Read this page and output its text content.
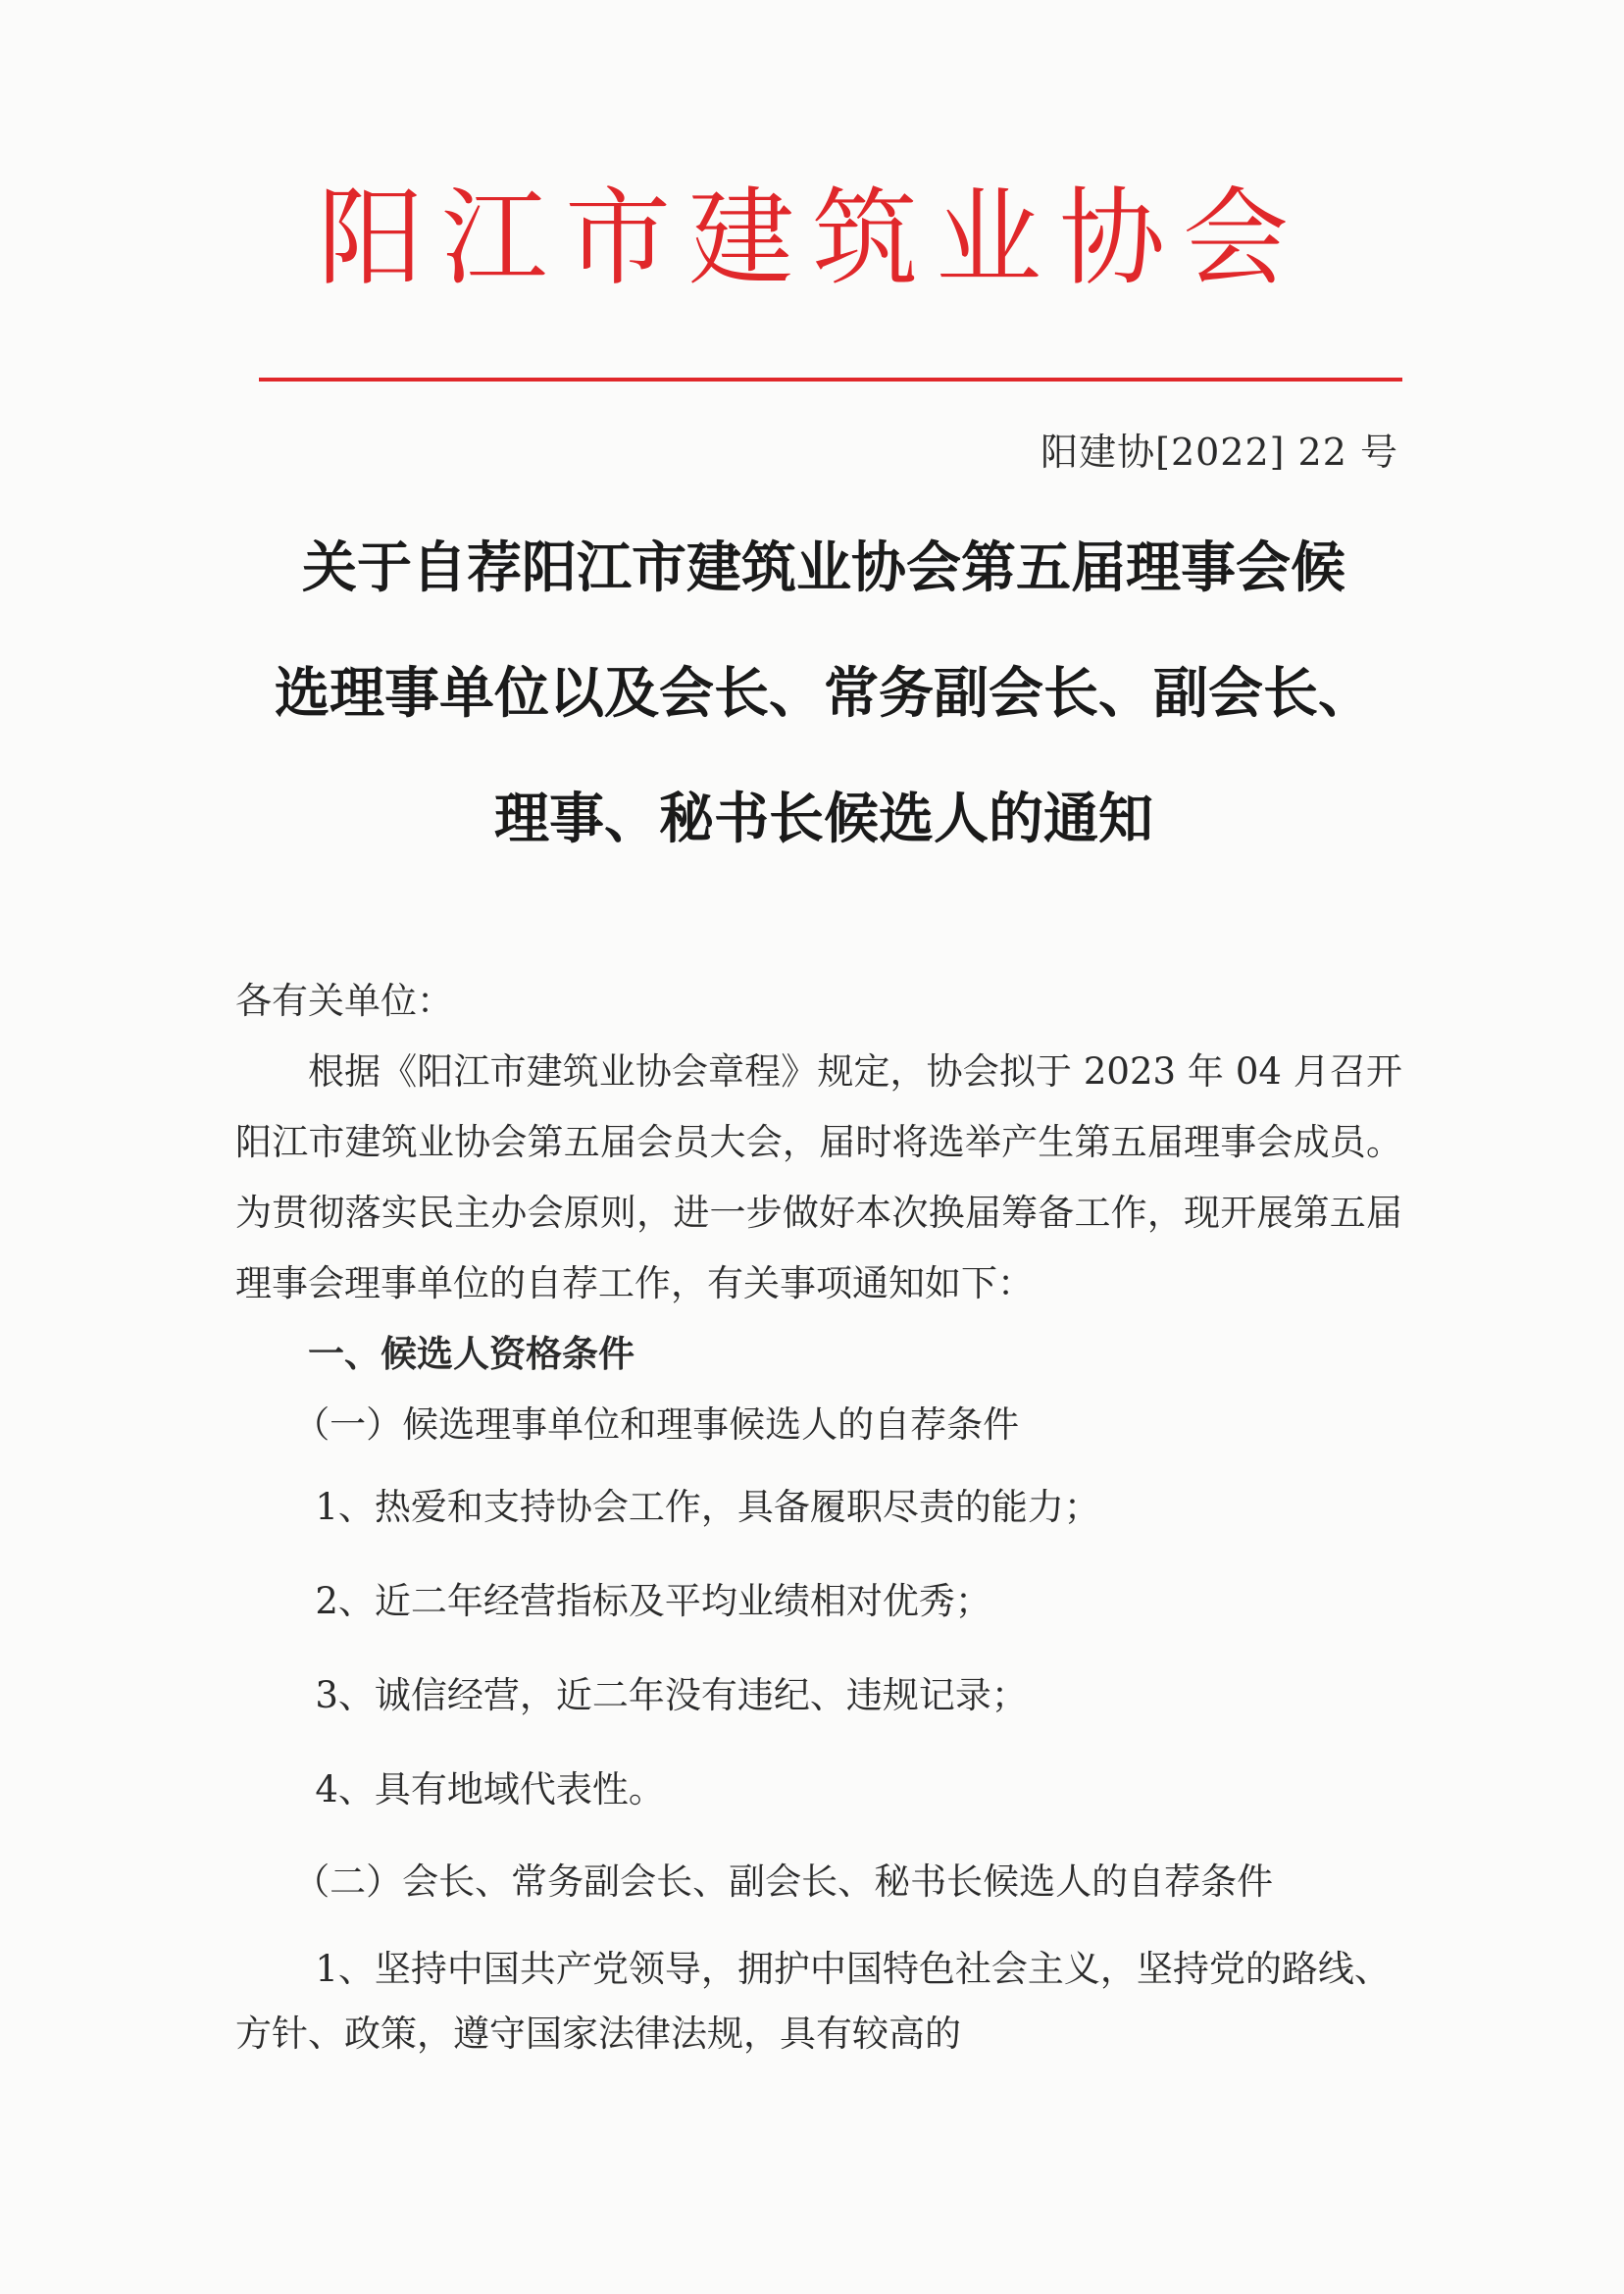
阳江市建筑业协会
阳建协[2022] 22 号
关于自荐阳江市建筑业协会第五届理事会候
选理事单位以及会长、常务副会长、副会长、
理事、秘书长候选人的通知

各有关单位：

根据《阳江市建筑业协会章程》规定，协会拟于 2023 年 04 月召开阳江市建筑业协会第五届会员大会，届时将选举产生第五届理事会成员。为贯彻落实民主办会原则，进一步做好本次换届筹备工作，现开展第五届理事会理事单位的自荐工作，有关事项通知如下：

一、候选人资格条件

（一）候选理事单位和理事候选人的自荐条件

1、热爱和支持协会工作，具备履职尽责的能力；

2、近二年经营指标及平均业绩相对优秀；

3、诚信经营，近二年没有违纪、违规记录；

4、具有地域代表性。

（二）会长、常务副会长、副会长、秘书长候选人的自荐条件

1、坚持中国共产党领导，拥护中国特色社会主义，坚持党的路线、方针、政策，遵守国家法律法规，具有较高的
